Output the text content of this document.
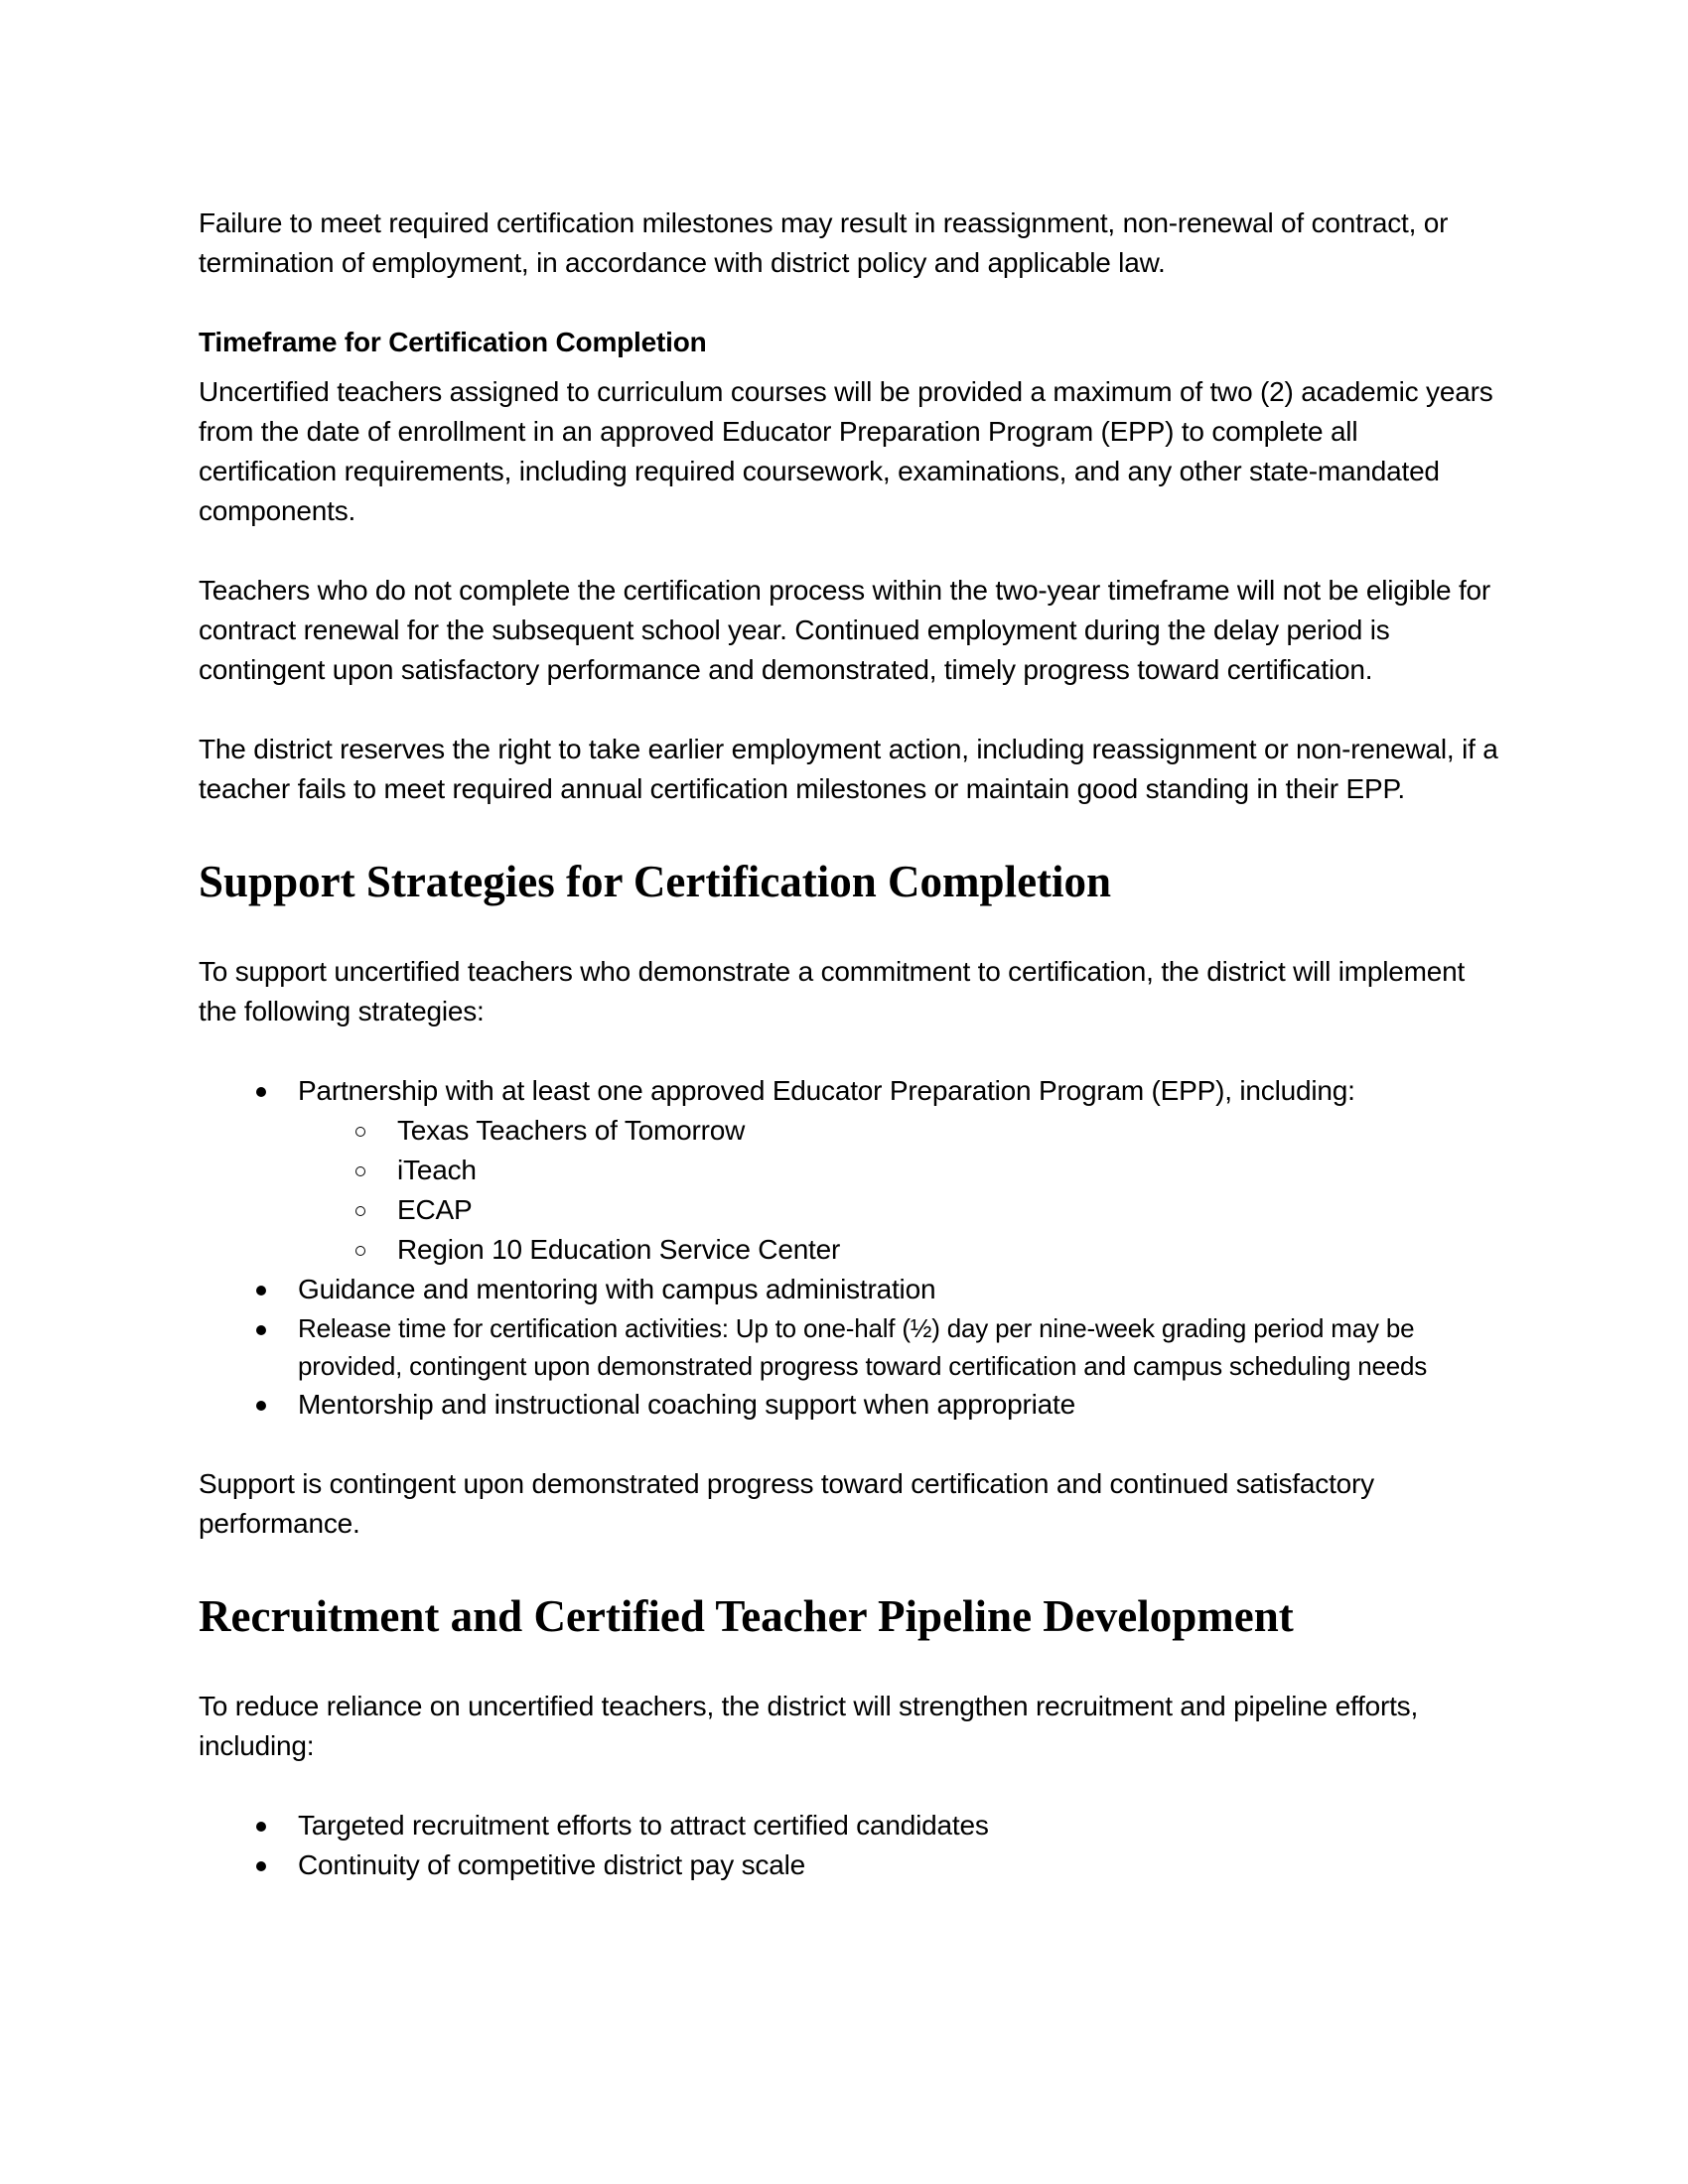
Failure to meet required certification milestones may result in reassignment, non-renewal of contract, or termination of employment, in accordance with district policy and applicable law.

Timeframe for Certification Completion

Uncertified teachers assigned to curriculum courses will be provided a maximum of two (2) academic years from the date of enrollment in an approved Educator Preparation Program (EPP) to complete all certification requirements, including required coursework, examinations, and any other state-mandated components.

Teachers who do not complete the certification process within the two-year timeframe will not be eligible for contract renewal for the subsequent school year. Continued employment during the delay period is contingent upon satisfactory performance and demonstrated, timely progress toward certification.

The district reserves the right to take earlier employment action, including reassignment or non-renewal, if a teacher fails to meet required annual certification milestones or maintain good standing in their EPP.

Support Strategies for Certification Completion

To support uncertified teachers who demonstrate a commitment to certification, the district will implement the following strategies:

Partnership with at least one approved Educator Preparation Program (EPP), including:
Texas Teachers of Tomorrow
iTeach
ECAP
Region 10 Education Service Center
Guidance and mentoring with campus administration
Release time for certification activities: Up to one-half (½) day per nine-week grading period may be provided, contingent upon demonstrated progress toward certification and campus scheduling needs
Mentorship and instructional coaching support when appropriate

Support is contingent upon demonstrated progress toward certification and continued satisfactory performance.

Recruitment and Certified Teacher Pipeline Development

To reduce reliance on uncertified teachers, the district will strengthen recruitment and pipeline efforts, including:

Targeted recruitment efforts to attract certified candidates
Continuity of competitive district pay scale
